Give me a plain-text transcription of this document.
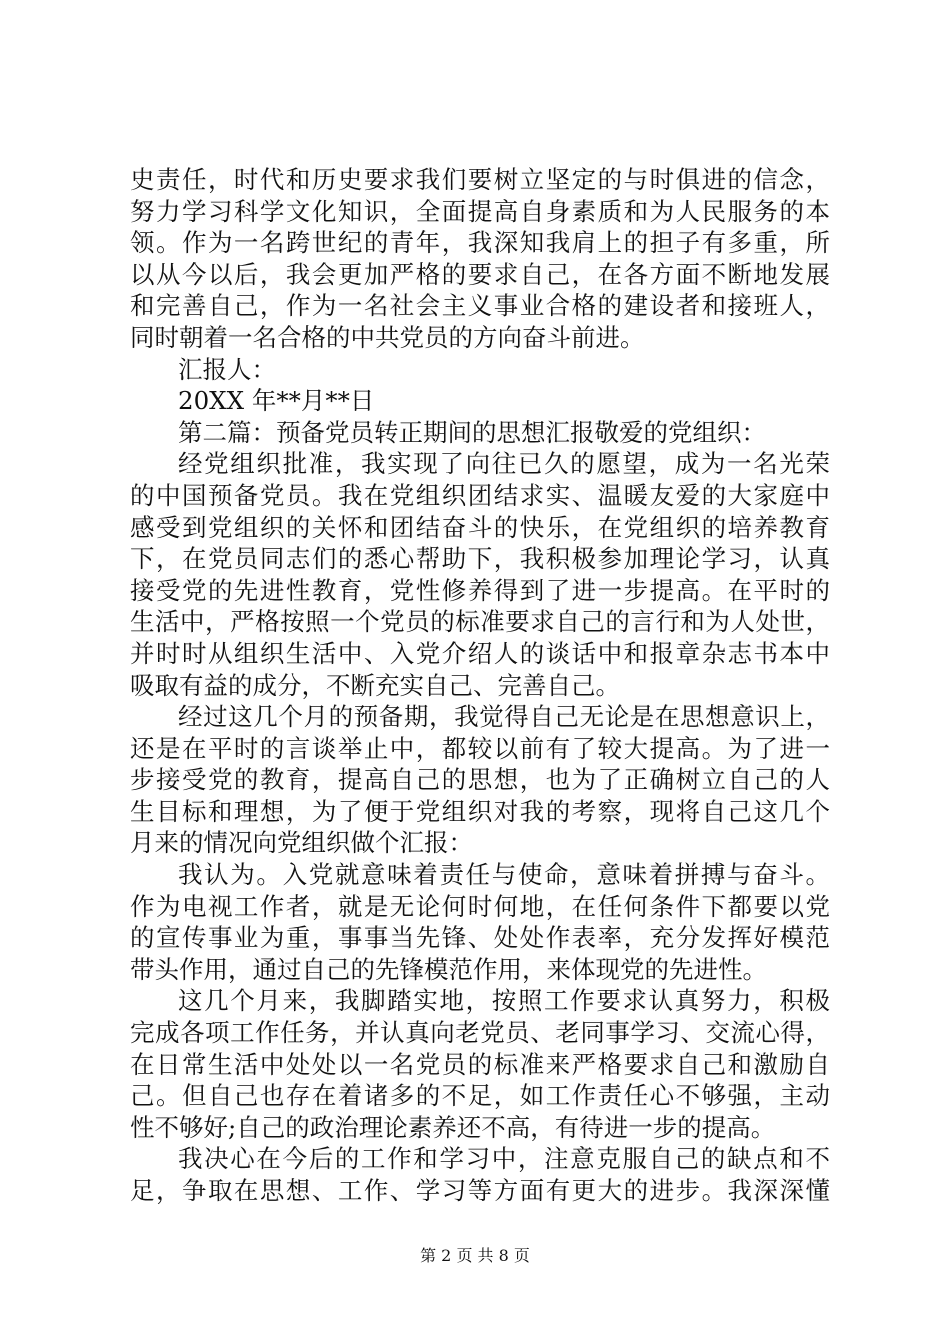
史责任，时代和历史要求我们要树立坚定的与时俱进的信念，
努力学习科学文化知识，全面提高自身素质和为人民服务的本
领。作为一名跨世纪的青年，我深知我肩上的担子有多重，所
以从今以后，我会更加严格的要求自己，在各方面不断地发展
和完善自己，作为一名社会主义事业合格的建设者和接班人，
同时朝着一名合格的中共党员的方向奋斗前进。
汇报人：
20XX 年**月**日
第二篇：预备党员转正期间的思想汇报敬爱的党组织：
经党组织批准，我实现了向往已久的愿望，成为一名光荣
的中国预备党员。我在党组织团结求实、温暖友爱的大家庭中
感受到党组织的关怀和团结奋斗的快乐，在党组织的培养教育
下，在党员同志们的悉心帮助下，我积极参加理论学习，认真
接受党的先进性教育，党性修养得到了进一步提高。在平时的
生活中，严格按照一个党员的标准要求自己的言行和为人处世，
并时时从组织生活中、入党介绍人的谈话中和报章杂志书本中
吸取有益的成分，不断充实自己、完善自己。
经过这几个月的预备期，我觉得自己无论是在思想意识上，
还是在平时的言谈举止中，都较以前有了较大提高。为了进一
步接受党的教育，提高自己的思想，也为了正确树立自己的人
生目标和理想，为了便于党组织对我的考察，现将自己这几个
月来的情况向党组织做个汇报：
我认为。入党就意味着责任与使命，意味着拼搏与奋斗。
作为电视工作者，就是无论何时何地，在任何条件下都要以党
的宣传事业为重，事事当先锋、处处作表率，充分发挥好模范
带头作用，通过自己的先锋模范作用，来体现党的先进性。
这几个月来，我脚踏实地，按照工作要求认真努力，积极
完成各项工作任务，并认真向老党员、老同事学习、交流心得，
在日常生活中处处以一名党员的标准来严格要求自己和激励自
己。但自己也存在着诸多的不足，如工作责任心不够强，主动
性不够好;自己的政治理论素养还不高，有待进一步的提高。
我决心在今后的工作和学习中，注意克服自己的缺点和不
足，争取在思想、工作、学习等方面有更大的进步。我深深懂
第 2 页 共 8 页
